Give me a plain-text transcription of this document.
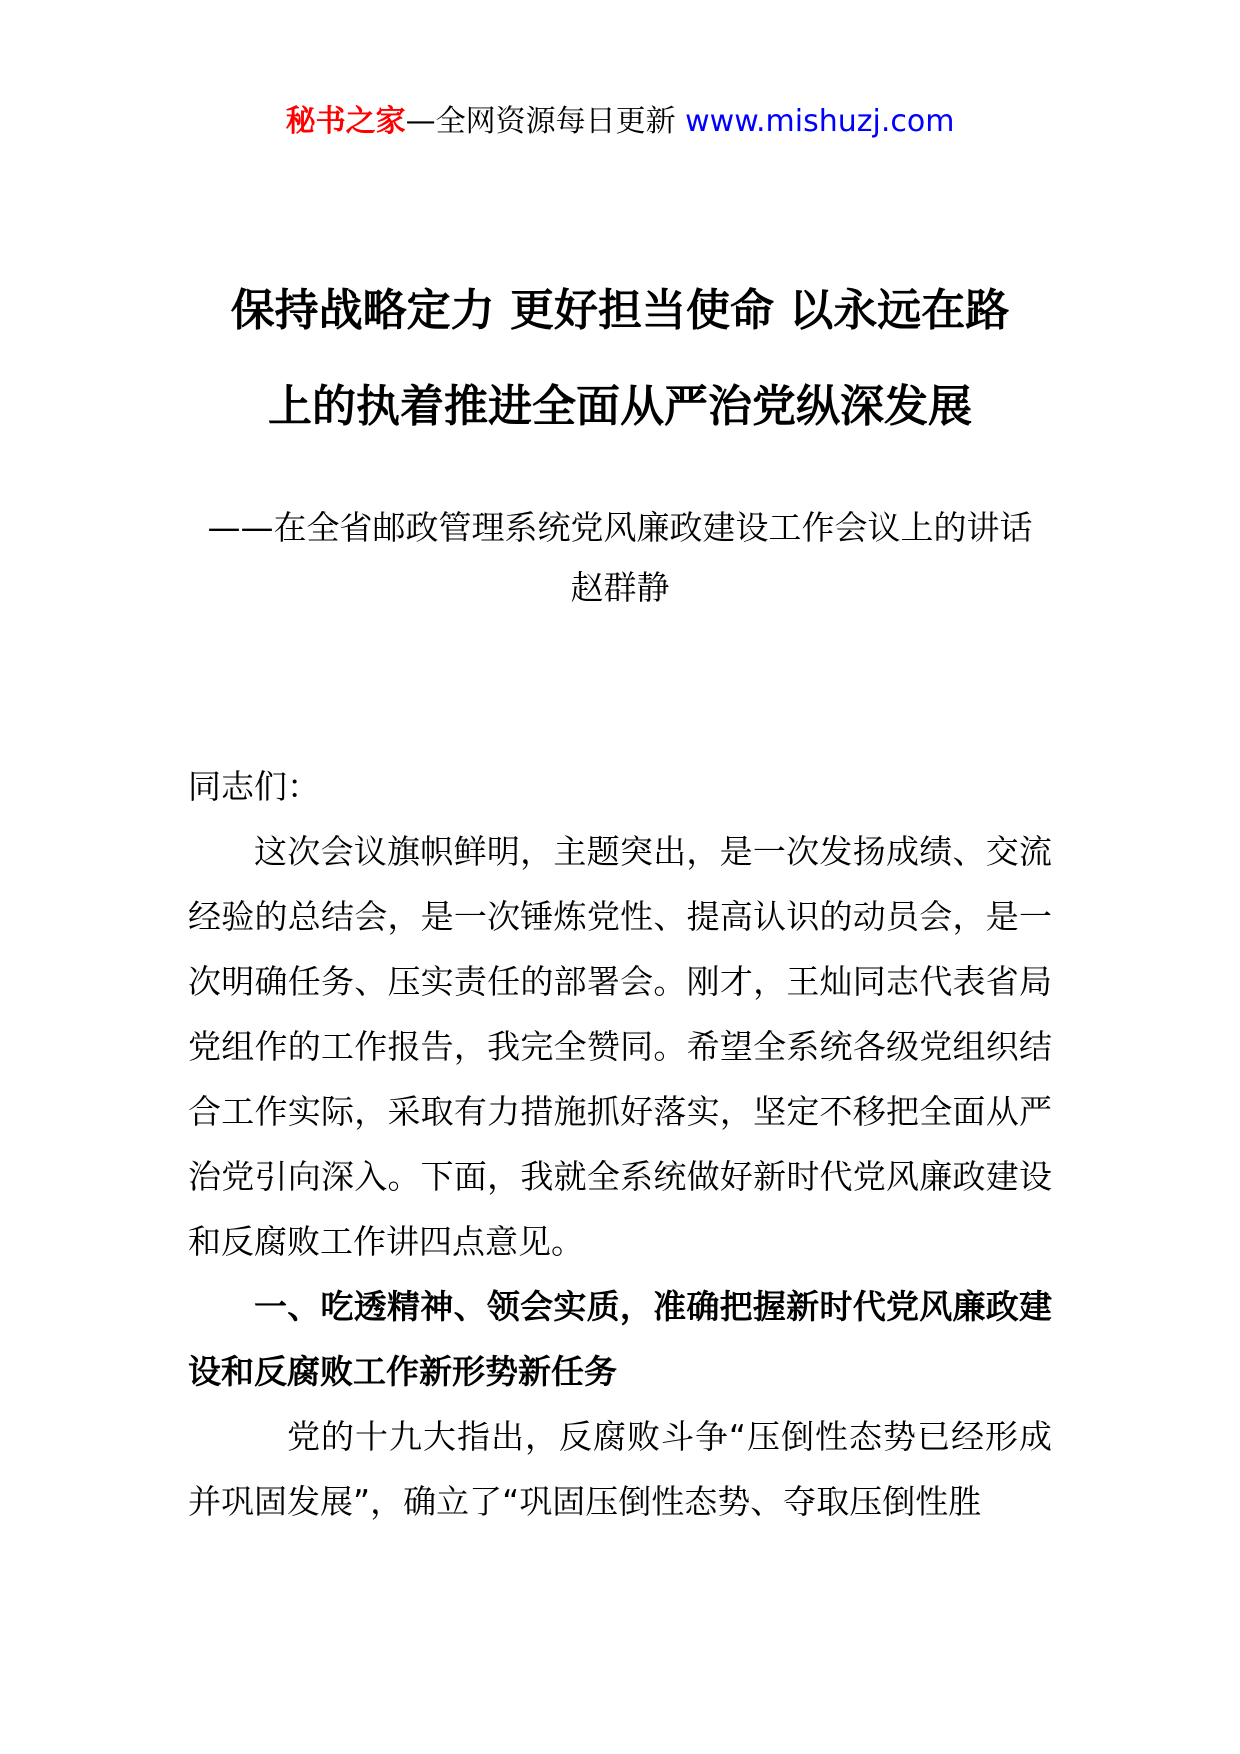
秘书之家—全网资源每日更新 www.mishuzj.com
保持战略定力 更好担当使命 以永远在路
上的执着推进全面从严治党纵深发展
——在全省邮政管理系统党风廉政建设工作会议上的讲话
赵群静

同志们：

这次会议旗帜鲜明，主题突出，是一次发扬成绩、交流经验的总结会，是一次锤炼党性、提高认识的动员会，是一次明确任务、压实责任的部署会。刚才，王灿同志代表省局党组作的工作报告，我完全赞同。希望全系统各级党组织结合工作实际，采取有力措施抓好落实，坚定不移把全面从严治党引向深入。下面，我就全系统做好新时代党风廉政建设和反腐败工作讲四点意见。

一、吃透精神、领会实质，准确把握新时代党风廉政建设和反腐败工作新形势新任务

党的十九大指出，反腐败斗争“压倒性态势已经形成并巩固发展”，确立了“巩固压倒性态势、夺取压倒性胜
